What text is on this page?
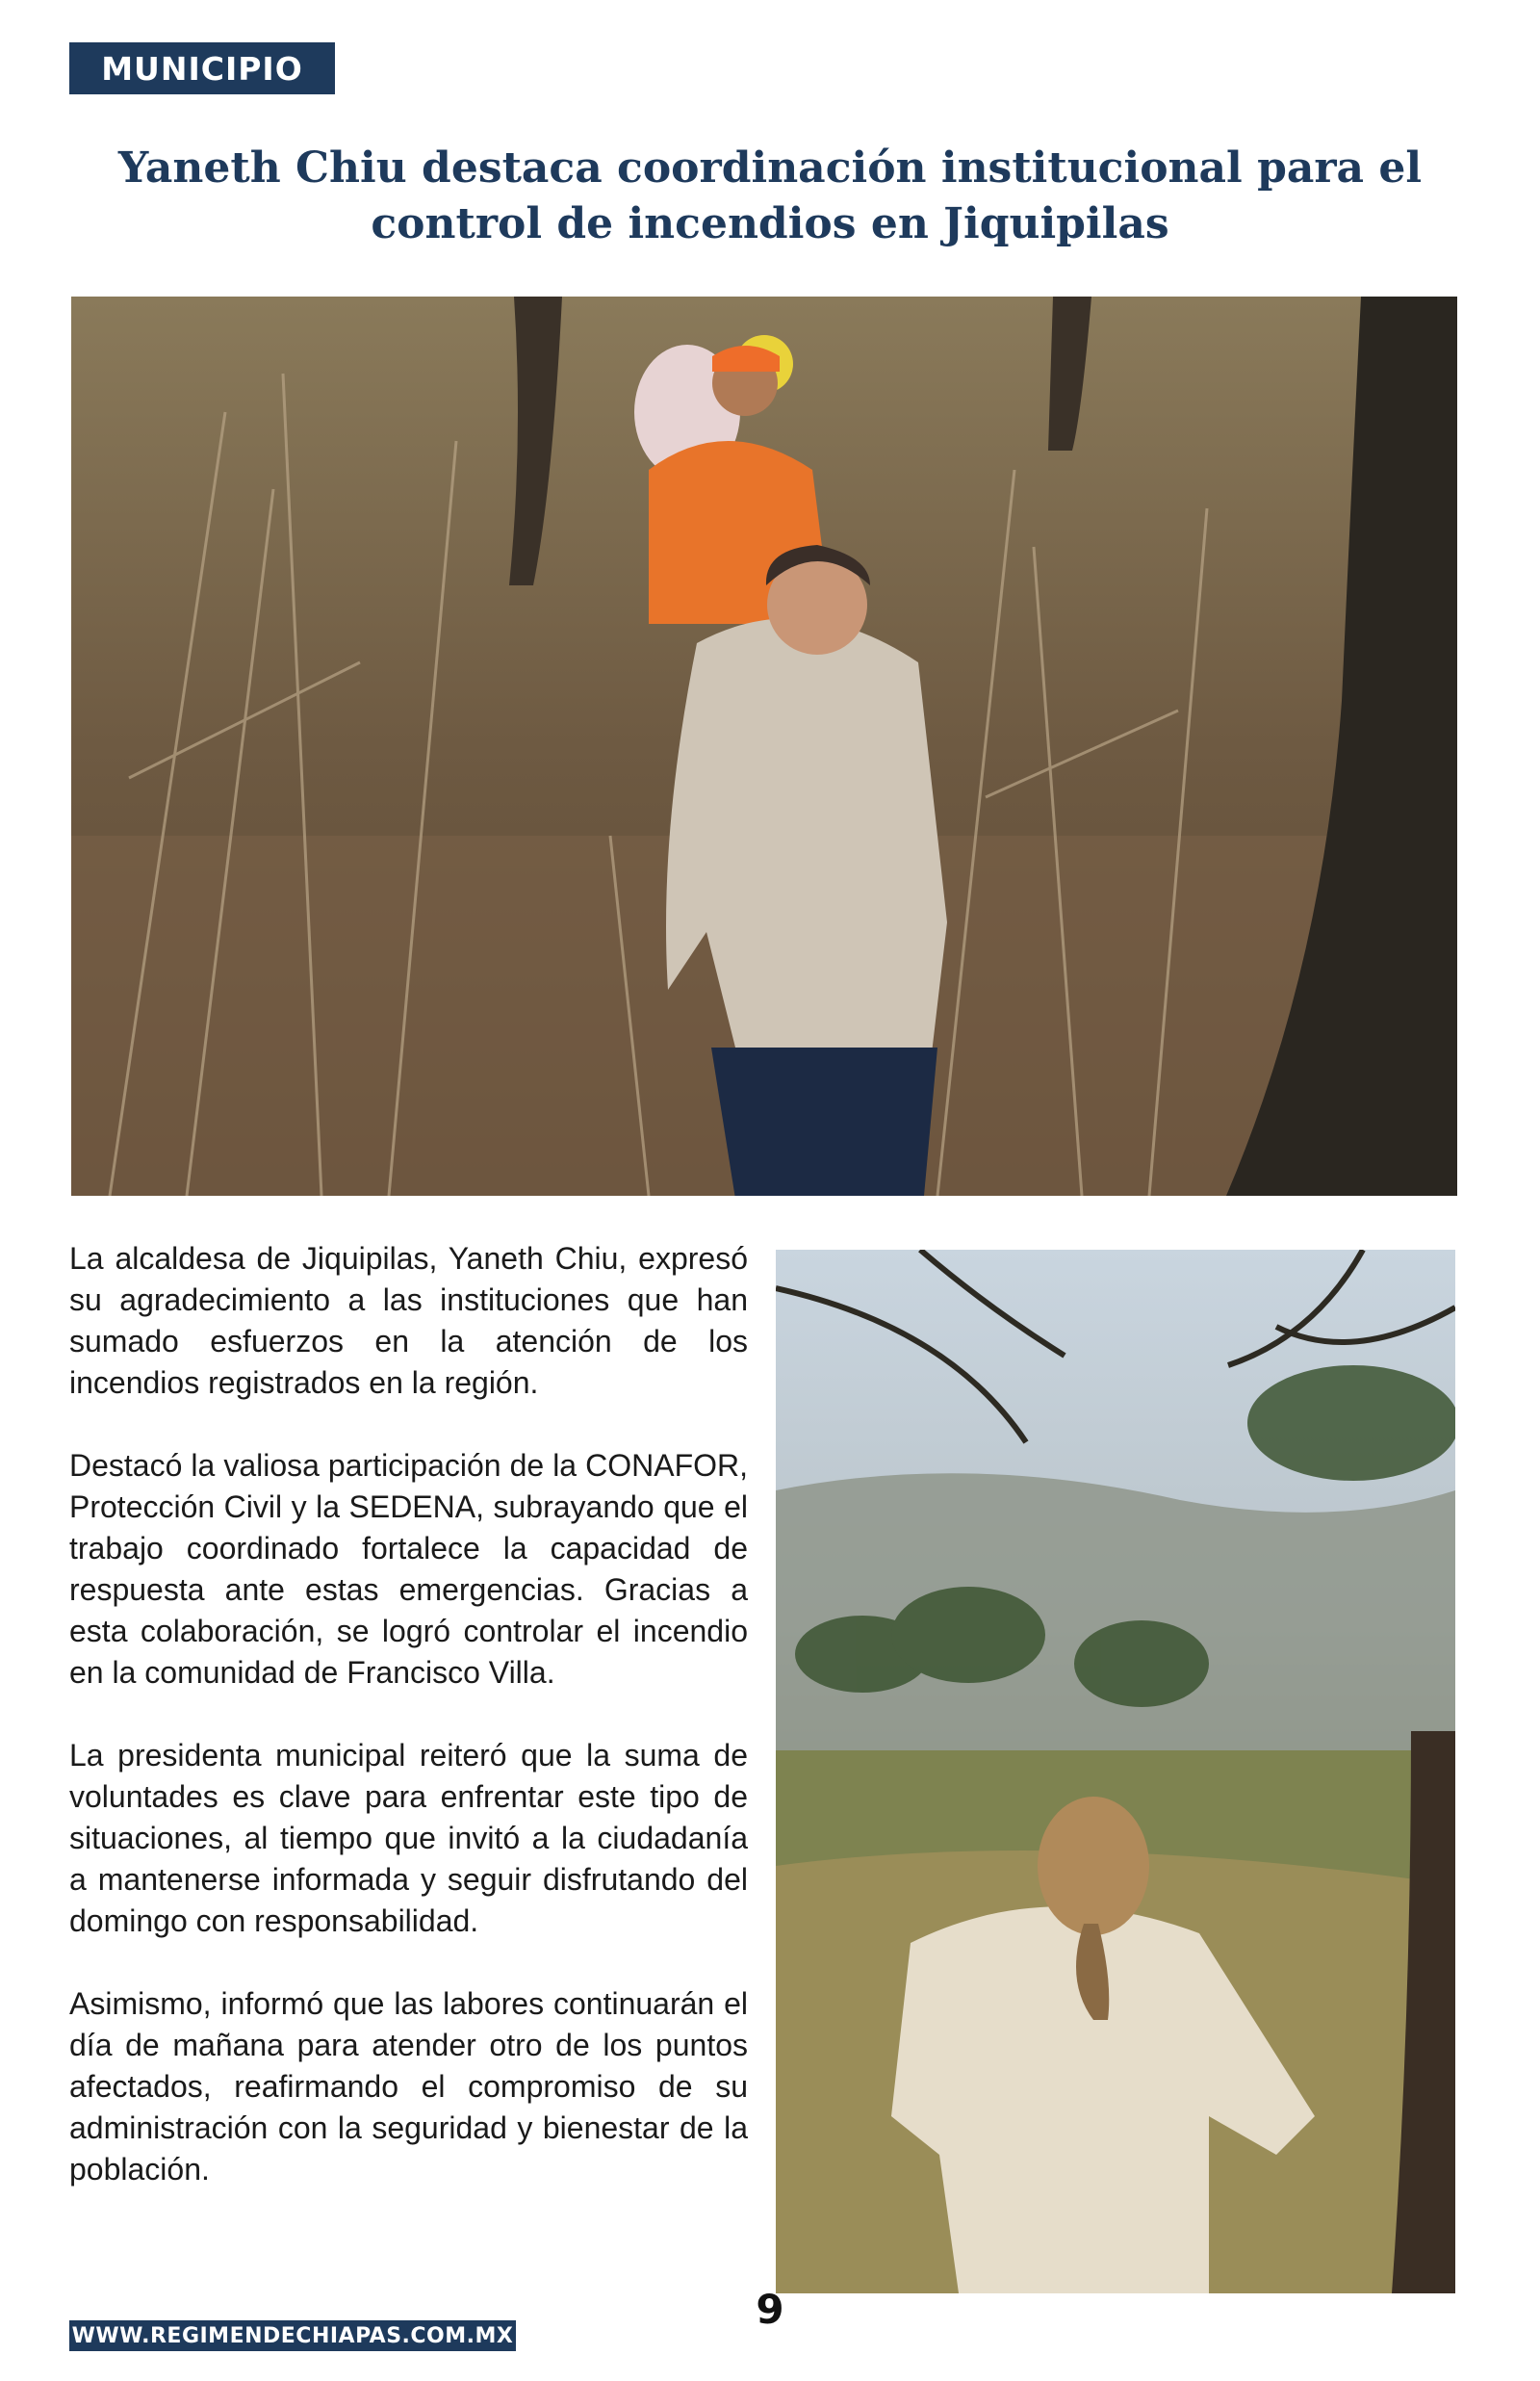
MUNICIPIO
Yaneth Chiu destaca coordinación institucional para el control de incendios en Jiquipilas

La alcaldesa de Jiquipilas, Yaneth Chiu, expresó su agradecimiento a las instituciones que han sumado esfuerzos en la atención de los incendios registrados en la región.

Destacó la valiosa participación de la CONAFOR, Protección Civil y la SEDENA, subrayando que el trabajo coordinado fortalece la capacidad de respuesta ante estas emergencias. Gracias a esta colaboración, se logró controlar el incendio en la comunidad de Francisco Villa.

La presidenta municipal reiteró que la suma de voluntades es clave para enfrentar este tipo de situaciones, al tiempo que invitó a la ciudadanía a mantenerse informada y seguir disfrutando del domingo con responsabilidad.

Asimismo, informó que las labores continuarán el día de mañana para atender otro de los puntos afectados, reafirmando el compromiso de su administración con la seguridad y bienestar de la población.

9
WWW.REGIMENDECHIAPAS.COM.MX
